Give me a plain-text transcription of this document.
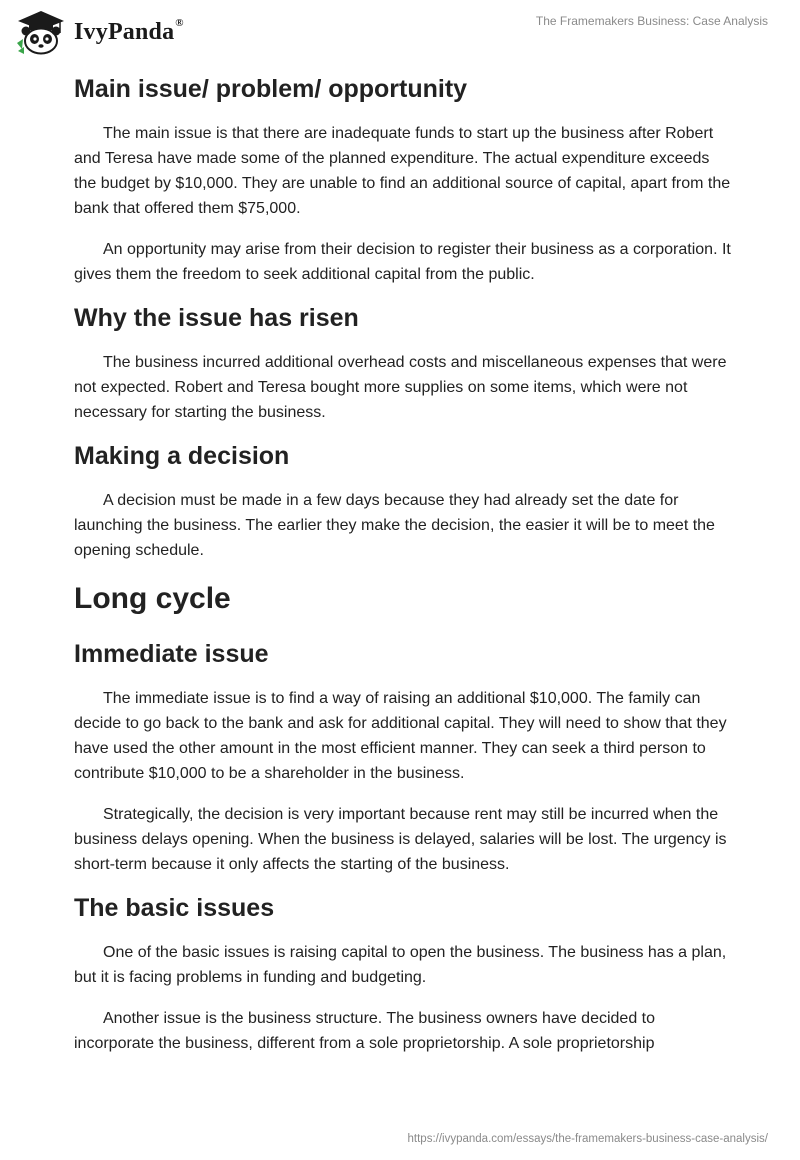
IvyPanda®	The Framemakers Business: Case Analysis
Main issue/ problem/ opportunity

The main issue is that there are inadequate funds to start up the business after Robert and Teresa have made some of the planned expenditure. The actual expenditure exceeds the budget by $10,000. They are unable to find an additional source of capital, apart from the bank that offered them $75,000.

An opportunity may arise from their decision to register their business as a corporation. It gives them the freedom to seek additional capital from the public.

Why the issue has risen

The business incurred additional overhead costs and miscellaneous expenses that were not expected. Robert and Teresa bought more supplies on some items, which were not necessary for starting the business.

Making a decision

A decision must be made in a few days because they had already set the date for launching the business. The earlier they make the decision, the easier it will be to meet the opening schedule.

Long cycle
Immediate issue

The immediate issue is to find a way of raising an additional $10,000. The family can decide to go back to the bank and ask for additional capital. They will need to show that they have used the other amount in the most efficient manner. They can seek a third person to contribute $10,000 to be a shareholder in the business.

Strategically, the decision is very important because rent may still be incurred when the business delays opening. When the business is delayed, salaries will be lost. The urgency is short-term because it only affects the starting of the business.

The basic issues

One of the basic issues is raising capital to open the business. The business has a plan, but it is facing problems in funding and budgeting.

Another issue is the business structure. The business owners have decided to incorporate the business, different from a sole proprietorship. A sole proprietorship

https://ivypanda.com/essays/the-framemakers-business-case-analysis/
